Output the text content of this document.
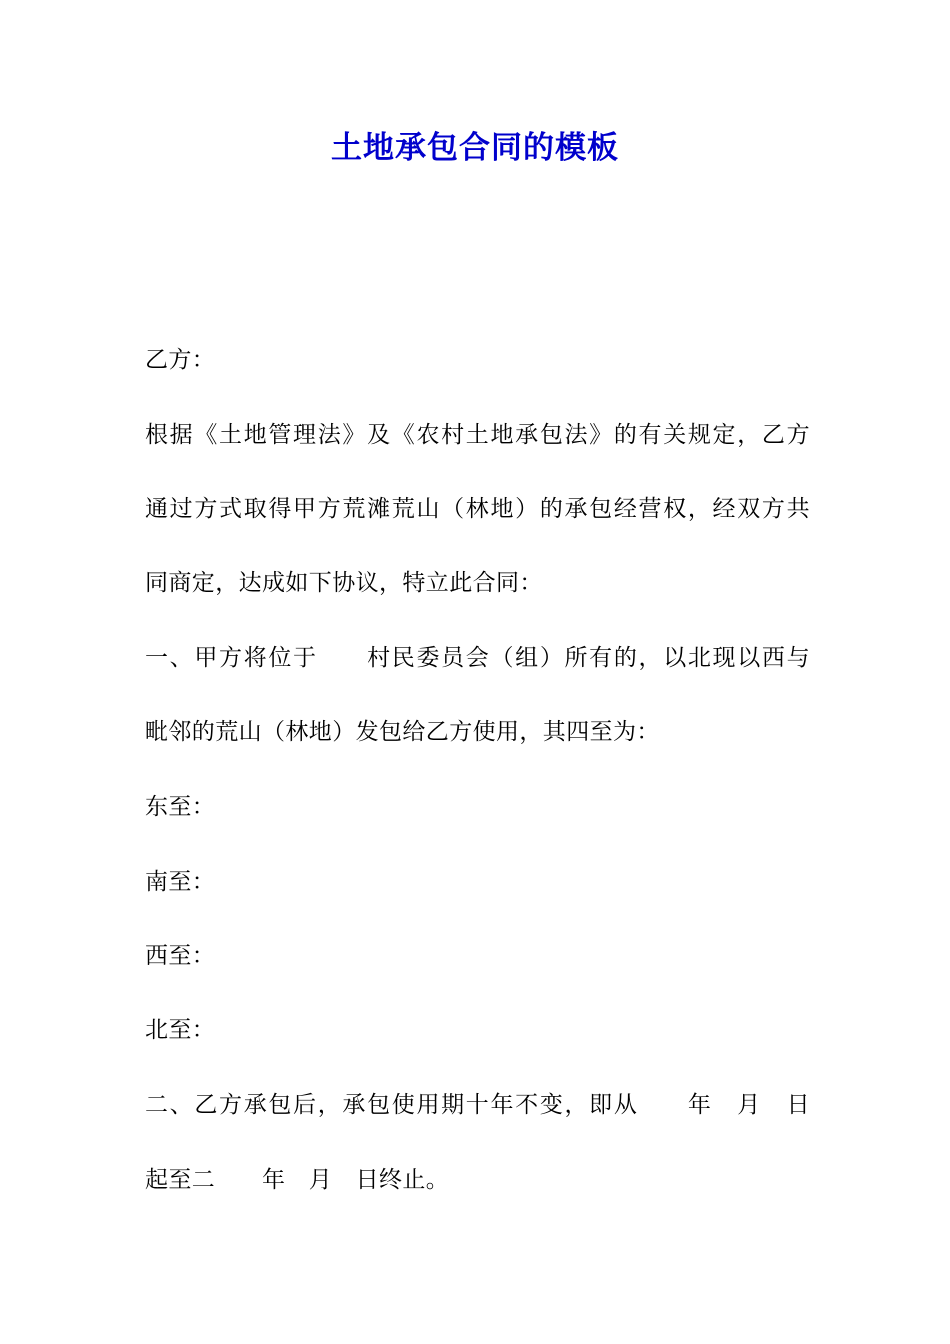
土地承包合同的模板
乙方：
根据《土地管理法》及《农村土地承包法》的有关规定，乙方
通过方式取得甲方荒滩荒山（林地）的承包经营权，经双方共
同商定，达成如下协议，特立此合同：
一、甲方将位于　　村民委员会（组）所有的，以北现以西与
毗邻的荒山（林地）发包给乙方使用，其四至为：
东至：
南至：
西至：
北至：
二、乙方承包后，承包使用期十年不变，即从　　年　月　日
起至二　　年　月　日终止。
